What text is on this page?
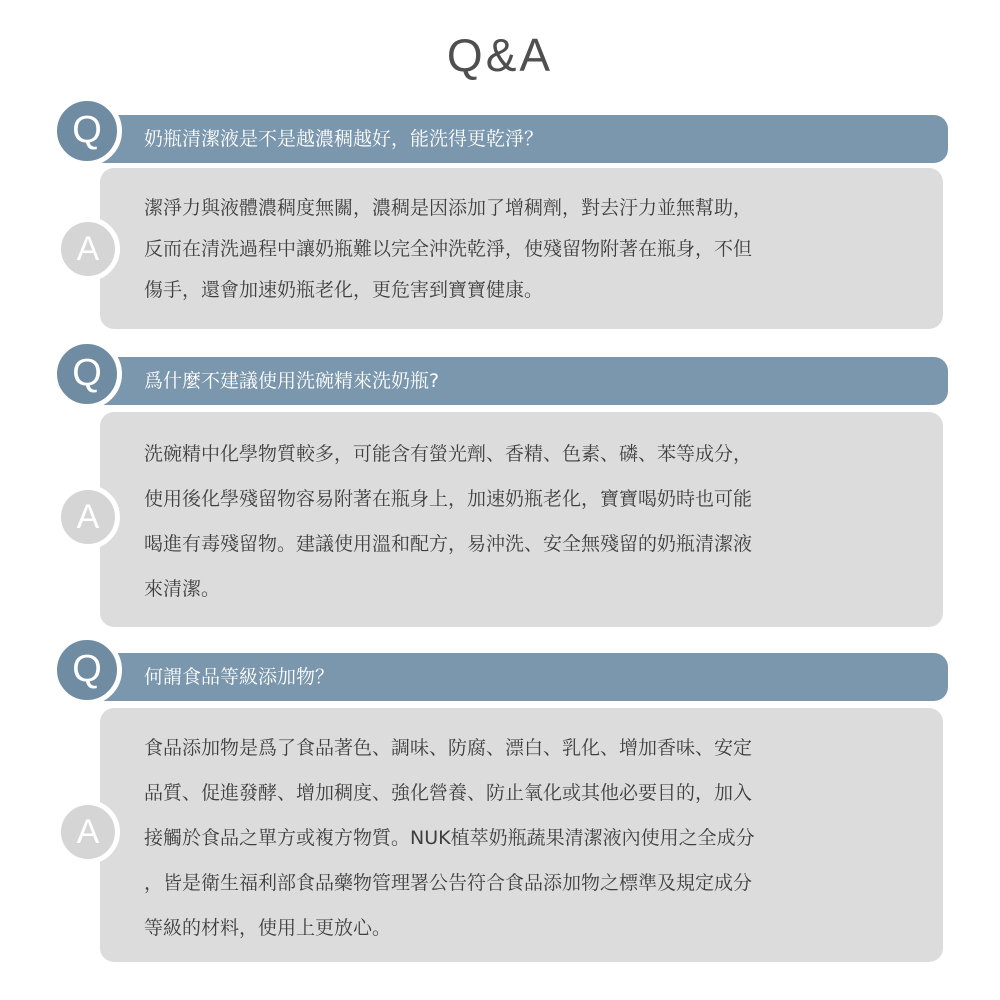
Q&A
潔淨力與液體濃稠度無關，濃稠是因添加了增稠劑，對去汙力並無幫助，
反而在清洗過程中讓奶瓶難以完全沖洗乾淨，使殘留物附著在瓶身，不但
傷手，還會加速奶瓶老化，更危害到寶寶健康。
A
奶瓶清潔液是不是越濃稠越好，能洗得更乾淨？
Q
洗碗精中化學物質較多，可能含有螢光劑、香精、色素、磷、苯等成分，
使用後化學殘留物容易附著在瓶身上，加速奶瓶老化，寶寶喝奶時也可能
喝進有毒殘留物。建議使用溫和配方，易沖洗、安全無殘留的奶瓶清潔液
來清潔。
A
爲什麼不建議使用洗碗精來洗奶瓶?
Q
食品添加物是爲了食品著色、調味、防腐、漂白、乳化、增加香味、安定
品質、促進發酵、增加稠度、強化營養、防止氧化或其他必要目的，加入
接觸於食品之單方或複方物質。NUK植萃奶瓶蔬果清潔液內使用之全成分
，皆是衛生福利部食品藥物管理署公告符合食品添加物之標準及規定成分
等級的材料，使用上更放心。
A
何謂食品等級添加物？
Q
